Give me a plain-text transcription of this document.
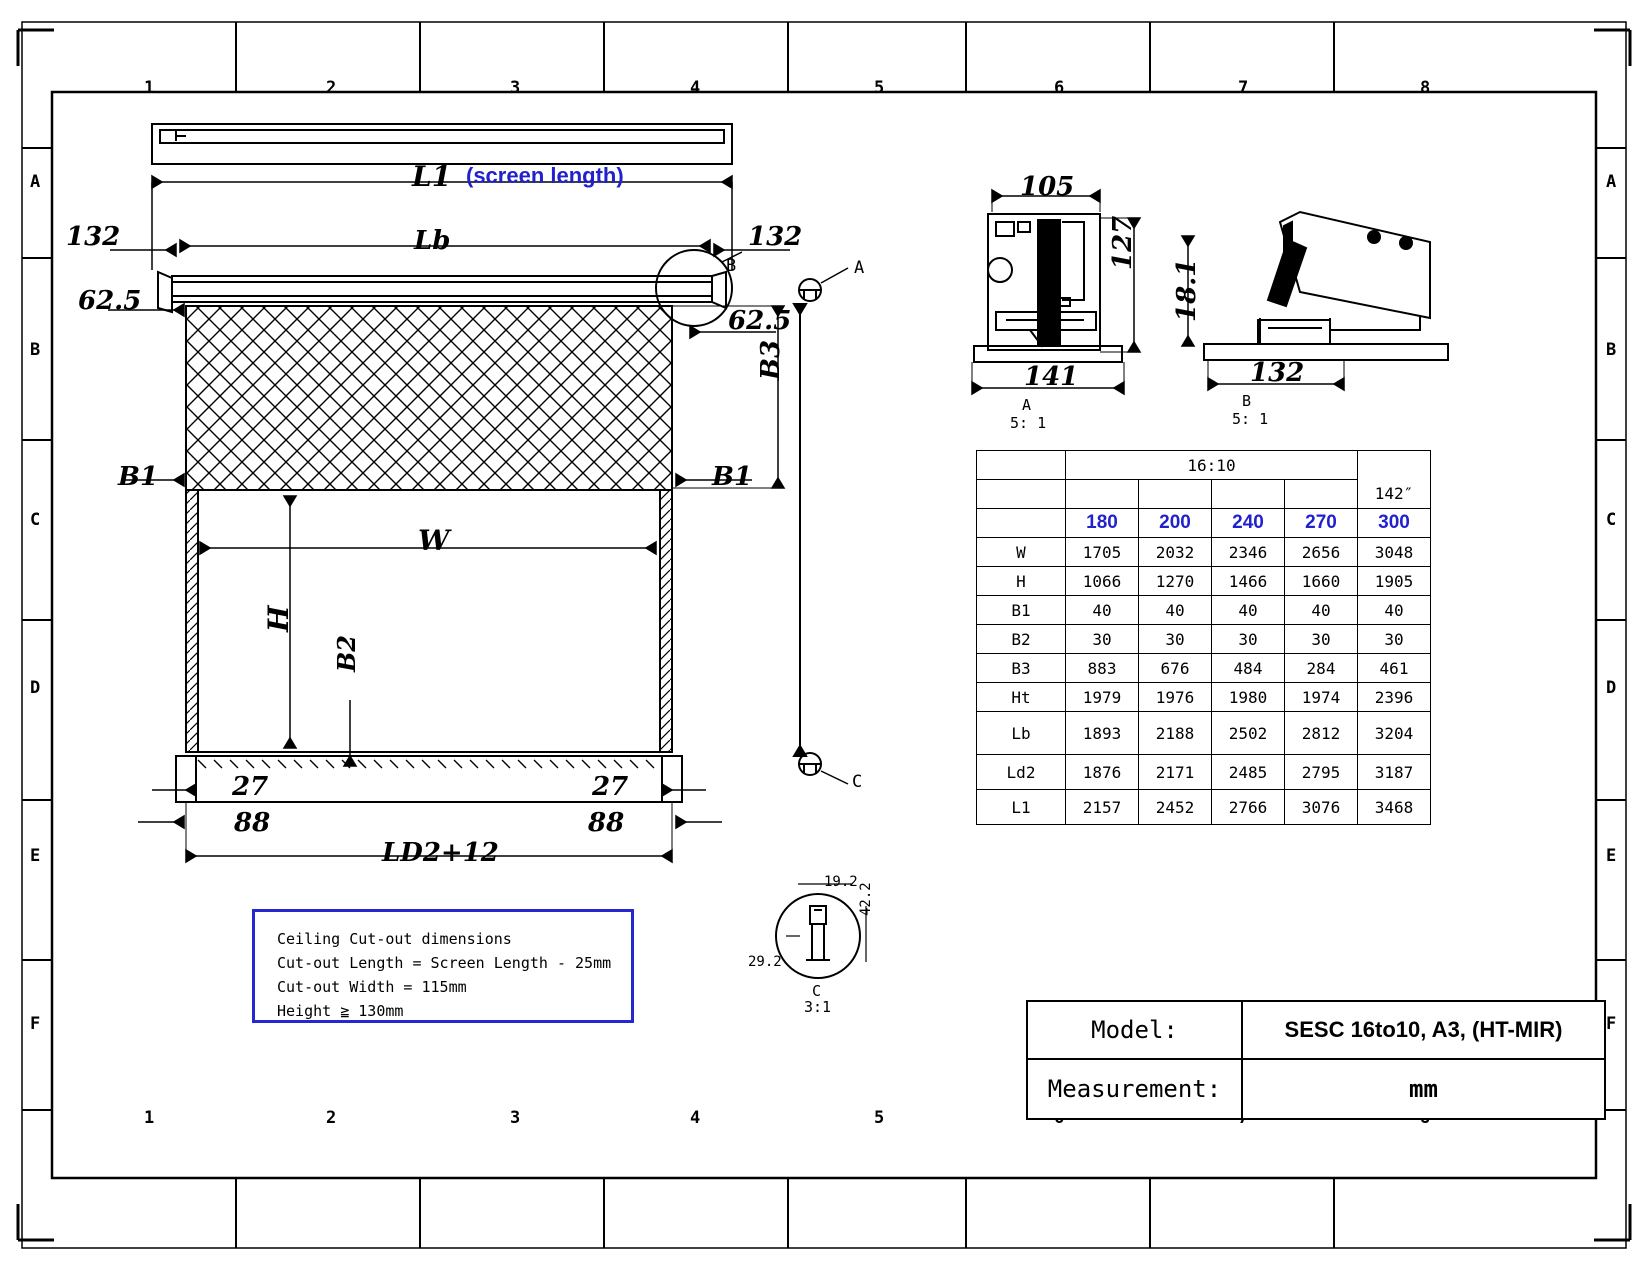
1	2	3	4	5	6	7	8
1	2	3	4	5
A
B
C
D
E
F
A
B
C
D
E
F
L1 (screen length)
Lb
132	132
62.5
62.5
B1	B1
B3
B2
W
H
27	27
88	88
LD2+12
A
B
C
105
127
141
A
5: 1
18.1
132
B
5: 1
19.2
42.2
29.2
C
3:1
	16:10				
					142″
	180	200	240	270	300
W	1705	2032	2346	2656	3048
H	1066	1270	1466	1660	1905
B1	40	40	40	40	40
B2	30	30	30	30	30
B3	883	676	484	284	461
Ht	1979	1976	1980	1974	2396
Lb	1893	2188	2502	2812	3204
Ld2	1876	2171	2485	2795	3187
L1	2157	2452	2766	3076	3468
Ceiling Cut-out dimensions
Cut-out Length = Screen Length - 25mm
Cut-out Width = 115mm
Height ≧ 130mm
Model:	SESC 16to10, A3, (HT-MIR)
Measurement:	mm
